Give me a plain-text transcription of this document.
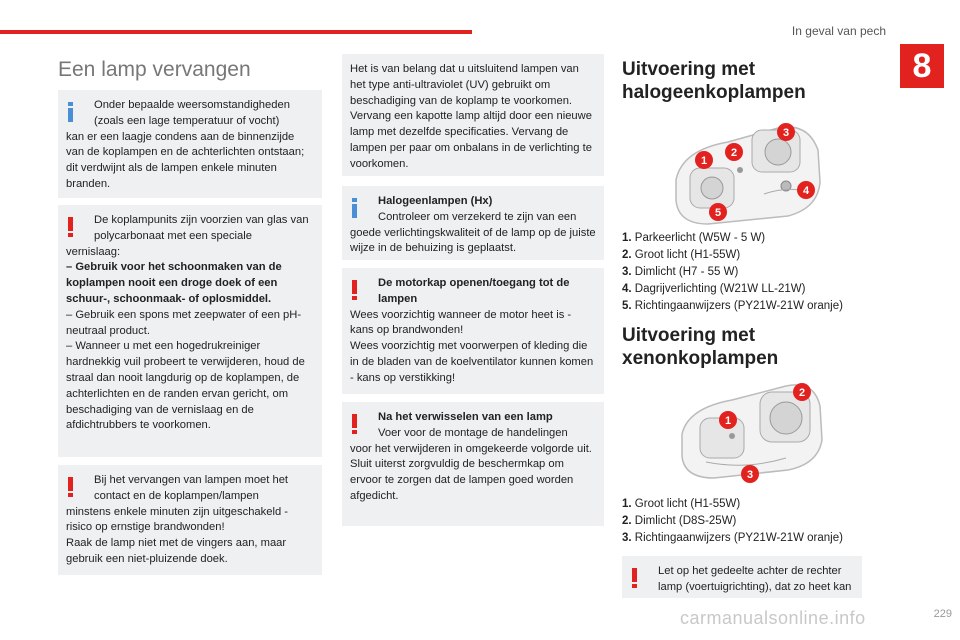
In geval van pech
8
Een lamp vervangen
Onder bepaalde weersomstandigheden (zoals een lage temperatuur of vocht)
kan er een laagje condens aan de binnenzijde van de koplampen en de achterlichten ontstaan; dit verdwijnt als de lampen enkele minuten branden.
De koplampunits zijn voorzien van glas van polycarbonaat met een speciale
vernislaag:
– Gebruik voor het schoonmaken van de koplampen nooit een droge doek of een schuur-, schoonmaak- of oplosmiddel.
– Gebruik een spons met zeepwater of een pH-neutraal product.
– Wanneer u met een hogedrukreiniger hardnekkig vuil probeert te verwijderen, houd de straal dan nooit langdurig op de koplampen, de achterlichten en de randen ervan gericht, om beschadiging van de vernislaag en de afdichtrubbers te voorkomen.
Bij het vervangen van lampen moet het contact en de koplampen/lampen
minstens enkele minuten zijn uitgeschakeld - risico op ernstige brandwonden!
Raak de lamp niet met de vingers aan, maar gebruik een niet-pluizende doek.
Het is van belang dat u uitsluitend lampen van het type anti-ultraviolet (UV) gebruikt om beschadiging van de koplamp te voorkomen. Vervang een kapotte lamp altijd door een nieuwe lamp met dezelfde specificaties. Vervang de lampen per paar om onbalans in de verlichting te voorkomen.
Halogeenlampen (Hx)
Controleer om verzekerd te zijn van een
goede verlichtingskwaliteit of de lamp op de juiste wijze in de behuizing is geplaatst.
De motorkap openen/toegang tot de lampen
Wees voorzichtig wanneer de motor heet is - kans op brandwonden!
Wees voorzichtig met voorwerpen of kleding die in de bladen van de koelventilator kunnen komen - kans op verstikking!
Na het verwisselen van een lamp
Voer voor de montage de handelingen
voor het verwijderen in omgekeerde volgorde uit.
Sluit uiterst zorgvuldig de beschermkap om ervoor te zorgen dat de lampen goed worden afgedicht.
Uitvoering met halogeenkoplampen
1
2
3
4
5
1. Parkeerlicht (W5W - 5 W)
2. Groot licht (H1-55W)
3. Dimlicht (H7 - 55 W)
4. Dagrijverlichting (W21W LL-21W)
5. Richtingaanwijzers (PY21W-21W oranje)
Uitvoering met xenonkoplampen
1
2
3
1. Groot licht (H1-55W)
2. Dimlicht (D8S-25W)
3. Richtingaanwijzers (PY21W-21W oranje)
Let op het gedeelte achter de rechter
lamp (voertuigrichting), dat zo heet kan
carmanualsonline.info	229
